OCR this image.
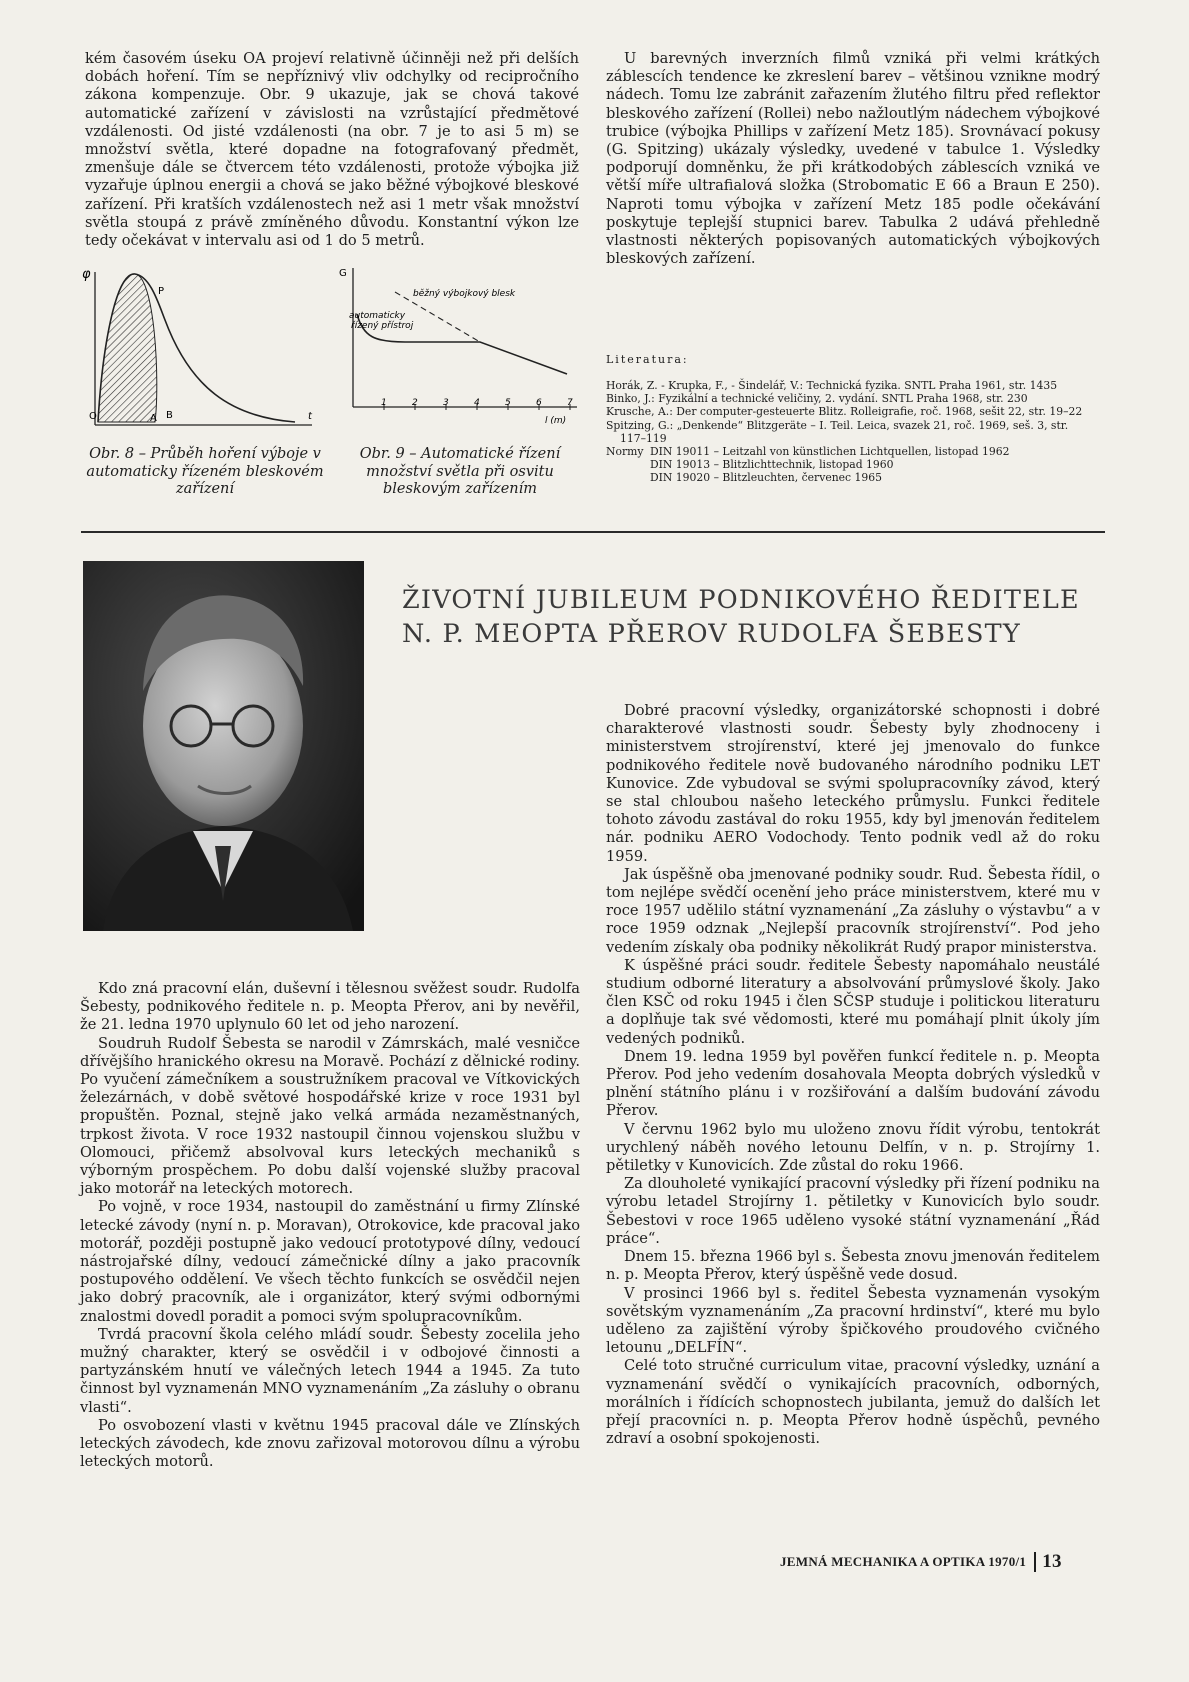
kém časovém úseku OA projeví relativně účinněji než při delších dobách hoření. Tím se nepříznivý vliv odchylky od recipročního zákona kompenzuje. Obr. 9 ukazuje, jak se chová takové automatické zařízení v závislosti na vzrůstající předmětové vzdálenosti. Od jisté vzdálenosti (na obr. 7 je to asi 5 m) se množství světla, které dopadne na fotografovaný předmět, zmenšuje dále se čtvercem této vzdálenosti, protože výbojka již vyzařuje úplnou energii a chová se jako běžné výbojkové bleskové zařízení. Při kratších vzdálenostech než asi 1 metr však množství světla stoupá z právě zmíněného důvodu. Konstantní výkon lze tedy očekávat v intervalu asi od 1 do 5 metrů.

U barevných inverzních filmů vzniká při velmi krátkých záblescích tendence ke zkreslení barev – většinou vznikne modrý nádech. Tomu lze zabránit zařazením žlutého filtru před reflektor bleskového zařízení (Rollei) nebo nažloutlým nádechem výbojkové trubice (výbojka Phillips v zařízení Metz 185). Srovnávací pokusy (G. Spitzing) ukázaly výsledky, uvedené v tabulce 1. Výsledky podporují domněnku, že při krátkodobých záblescích vzniká ve větší míře ultrafialová složka (Strobomatic E 66 a Braun E 250). Naproti tomu výbojka v zařízení Metz 185 podle očekávání poskytuje teplejší stupnici barev. Tabulka 2 udává přehledně vlastnosti některých popisovaných automatických výbojkových bleskových zařízení.

φ
P
O	A B	t
Obr. 8 – Průběh hoření výboje v automaticky řízeném bleskovém zařízení
1	2	3	4	5	6	7
G
běžný výbojkový blesk
automaticky řízený přístroj
l (m)
Obr. 9 – Automatické řízení množství světla při osvitu bleskovým zařízením
Literatura:

Horák, Z. - Krupka, F., - Šindelář, V.: Technická fyzika. SNTL Praha 1961, str. 1435

Binko, J.: Fyzikální a technické veličiny, 2. vydání. SNTL Praha 1968, str. 230

Krusche, A.: Der computer-gesteuerte Blitz. Rolleigrafie, roč. 1968, sešit 22, str. 19–22

Spitzing, G.: „Denkende“ Blitzgeräte – I. Teil. Leica, svazek 21, roč. 1969, seš. 3, str. 117–119

Normy DIN 19011 – Leitzahl von künstlichen Lichtquellen, listopad 1962
DIN 19013 – Blitzlichttechnik, listopad 1960
DIN 19020 – Blitzleuchten, červenec 1965
ŽIVOTNÍ JUBILEUM PODNIKOVÉHO ŘEDITELE
N. P. MEOPTA PŘEROV RUDOLFA ŠEBESTY

Dobré pracovní výsledky, organizátorské schopnosti i dobré charakterové vlastnosti soudr. Šebesty byly zhodnoceny i ministerstvem strojírenství, které jej jmenovalo do funkce podnikového ředitele nově budovaného národního podniku LET Kunovice. Zde vybudoval se svými spolupracovníky závod, který se stal chloubou našeho leteckého průmyslu. Funkci ředitele tohoto závodu zastával do roku 1955, kdy byl jmenován ředitelem nár. podniku AERO Vodochody. Tento podnik vedl až do roku 1959.

Jak úspěšně oba jmenované podniky soudr. Rud. Šebesta řídil, o tom nejlépe svědčí ocenění jeho práce ministerstvem, které mu v roce 1957 udělilo státní vyznamenání „Za zásluhy o výstavbu“ a v roce 1959 odznak „Nejlepší pracovník strojírenství“. Pod jeho vedením získaly oba podniky několikrát Rudý prapor ministerstva.

K úspěšné práci soudr. ředitele Šebesty napomáhalo neustálé studium odborné literatury a absolvování průmyslové školy. Jako člen KSČ od roku 1945 i člen SČSP studuje i politickou literaturu a doplňuje tak své vědomosti, které mu pomáhají plnit úkoly jím vedených podniků.

Dnem 19. ledna 1959 byl pověřen funkcí ředitele n. p. Meopta Přerov. Pod jeho vedením dosahovala Meopta dobrých výsledků v plnění státního plánu i v rozšiřování a dalším budování závodu Přerov.

V červnu 1962 bylo mu uloženo znovu řídit výrobu, tentokrát urychlený náběh nového letounu Delfín, v n. p. Strojírny 1. pětiletky v Kunovicích. Zde zůstal do roku 1966.

Za dlouholeté vynikající pracovní výsledky při řízení podniku na výrobu letadel Strojírny 1. pětiletky v Kunovicích bylo soudr. Šebestovi v roce 1965 uděleno vysoké státní vyznamenání „Řád práce“.

Dnem 15. března 1966 byl s. Šebesta znovu jmenován ředitelem n. p. Meopta Přerov, který úspěšně vede dosud.

V prosinci 1966 byl s. ředitel Šebesta vyznamenán vysokým sovětským vyznamenáním „Za pracovní hrdinství“, které mu bylo uděleno za zajištění výroby špičkového proudového cvičného letounu „DELFÍN“.

Celé toto stručné curriculum vitae, pracovní výsledky, uznání a vyznamenání svědčí o vynikajících pracovních, odborných, morálních i řídících schopnostech jubilanta, jemuž do dalších let přejí pracovníci n. p. Meopta Přerov hodně úspěchů, pevného zdraví a osobní spokojenosti.

Kdo zná pracovní elán, duševní i tělesnou svěžest soudr. Rudolfa Šebesty, podnikového ředitele n. p. Meopta Přerov, ani by nevěřil, že 21. ledna 1970 uplynulo 60 let od jeho narození.

Soudruh Rudolf Šebesta se narodil v Zámrskách, malé vesničce dřívějšího hranického okresu na Moravě. Pochází z dělnické rodiny. Po vyučení zámečníkem a soustružníkem pracoval ve Vítkovických železárnách, v době světové hospodářské krize v roce 1931 byl propuštěn. Poznal, stejně jako velká armáda nezaměstnaných, trpkost života. V roce 1932 nastoupil činnou vojenskou službu v Olomouci, přičemž absolvoval kurs leteckých mechaniků s výborným prospěchem. Po dobu další vojenské služby pracoval jako motorář na leteckých motorech.

Po vojně, v roce 1934, nastoupil do zaměstnání u firmy Zlínské letecké závody (nyní n. p. Moravan), Otrokovice, kde pracoval jako motorář, později postupně jako vedoucí prototypové dílny, vedoucí nástrojařské dílny, vedoucí zámečnické dílny a jako pracovník postupového oddělení. Ve všech těchto funkcích se osvědčil nejen jako dobrý pracovník, ale i organizátor, který svými odbornými znalostmi dovedl poradit a pomoci svým spolupracovníkům.

Tvrdá pracovní škola celého mládí soudr. Šebesty zocelila jeho mužný charakter, který se osvědčil i v odbojové činnosti a partyzánském hnutí ve válečných letech 1944 a 1945. Za tuto činnost byl vyznamenán MNO vyznamenáním „Za zásluhy o obranu vlasti“.

Po osvobození vlasti v květnu 1945 pracoval dále ve Zlínských leteckých závodech, kde znovu zařizoval motorovou dílnu a výrobu leteckých motorů.

JEMNÁ MECHANIKA A OPTIKA 1970/1 13
